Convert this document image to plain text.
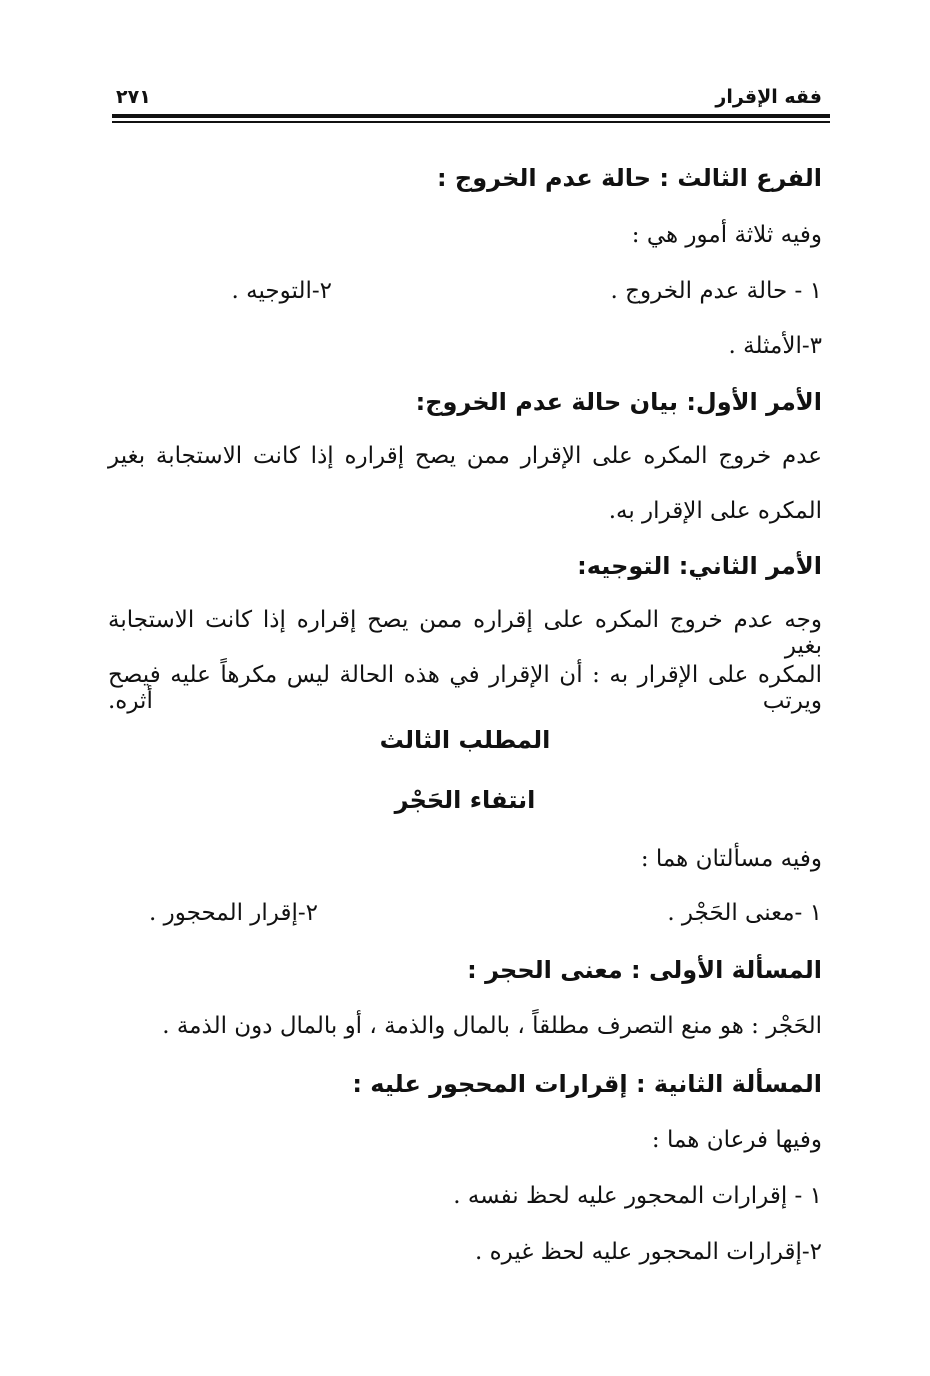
فقه الإقرار
٢٧١
الفرع الثالث : حالة عدم الخروج :
وفيه ثلاثة أمور هي :
١ - حالة عدم الخروج .
٢-التوجيه .
٣-الأمثلة .
الأمر الأول: بيان حالة عدم الخروج:
عدم خروج المكره على الإقرار ممن يصح إقراره إذا كانت الاستجابة بغير
المكره على الإقرار به.
الأمر الثاني: التوجيه:
وجه عدم خروج المكره على إقراره ممن يصح إقراره إذا كانت الاستجابة بغير
المكره على الإقرار به : أن الإقرار في هذه الحالة ليس مكرهاً عليه فيصح ويرتب أثره.
المطلب الثالث
انتفاء الحَجْر
وفيه مسألتان هما :
١ -معنى الحَجْر .
٢-إقرار المحجور .
المسألة الأولى : معنى الحجر :
الحَجْر : هو منع التصرف مطلقاً ، بالمال والذمة ، أو بالمال دون الذمة .
المسألة الثانية : إقرارات المحجور عليه :
وفيها فرعان هما :
١ - إقرارات المحجور عليه لحظ نفسه .
٢-إقرارات المحجور عليه لحظ غيره .
